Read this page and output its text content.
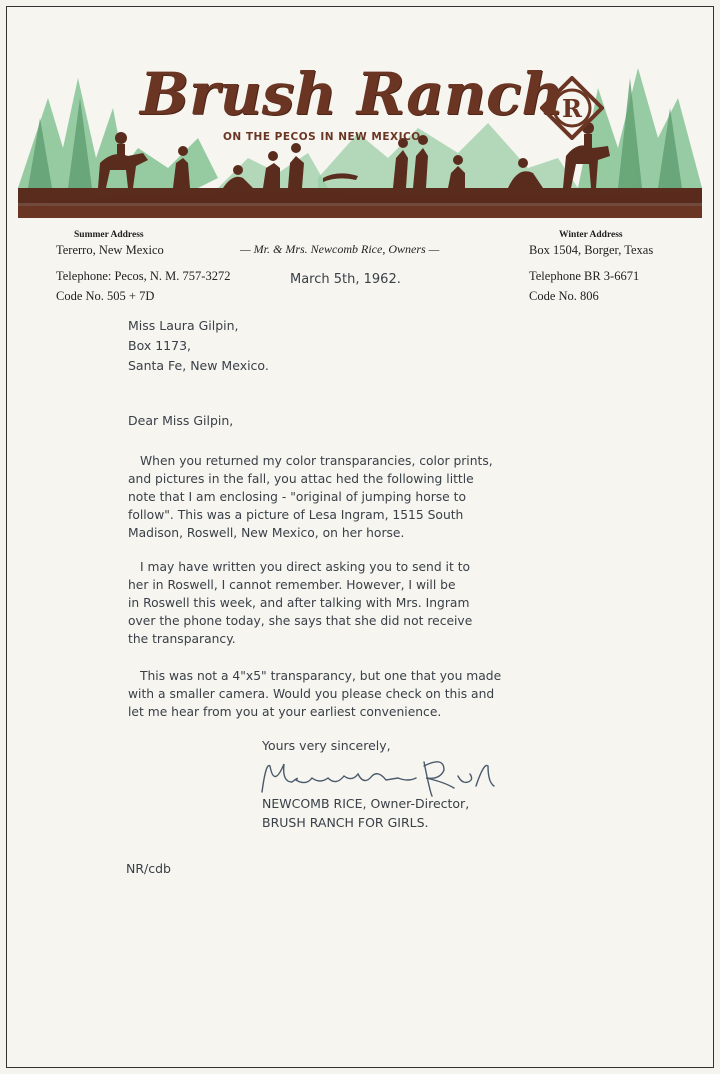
Brush Ranch
ON THE PECOS IN NEW MEXICO
R
Summer Address
Tererro, New Mexico
Telephone: Pecos, N. M. 757-3272
Code No. 505 + 7D
— Mr. & Mrs. Newcomb Rice, Owners —
Winter Address
Box 1504, Borger, Texas
Telephone BR 3-6671
Code No. 806
March 5th, 1962.
Miss Laura Gilpin,
Box 1173,
Santa Fe, New Mexico.
Dear Miss Gilpin,
When you returned my color transparancies, color prints,
and pictures in the fall, you attac hed the following little
note that I am enclosing - "original of jumping horse to
follow". This was a picture of Lesa Ingram, 1515 South
Madison, Roswell, New Mexico, on her horse.
I may have written you direct asking you to send it to
her in Roswell, I cannot remember. However, I will be
in Roswell this week, and after talking with Mrs. Ingram
over the phone today, she says that she did not receive
the transparancy.
This was not a 4"x5" transparancy, but one that you made
with a smaller camera. Would you please check on this and
let me hear from you at your earliest convenience.
Yours very sincerely,
NEWCOMB RICE, Owner-Director,
BRUSH RANCH FOR GIRLS.
NR/cdb
